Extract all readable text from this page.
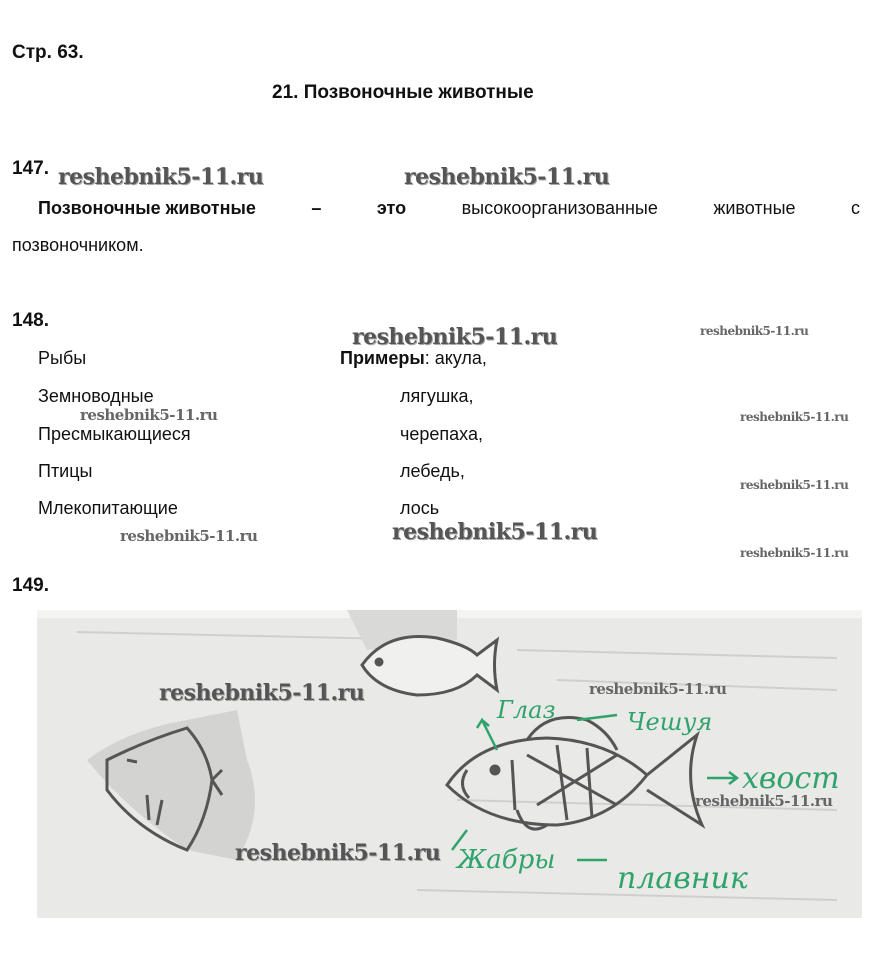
Стр. 63.
21. Позвоночные животные
147. reshebnik5-11.ru	reshebnik5-11.ru
Позвоночные животные	–	это	высокоорганизованные	животные	с
позвоночником.
148.
reshebnik5-11.ru	reshebnik5-11.ru
Рыбы	Примеры: акула,
Земноводные	лягушка,
reshebnik5-11.ru	reshebnik5-11.ru
Пресмыкающиеся	черепаха,
Птицы	лебедь,
reshebnik5-11.ru
Млекопитающие	лось
reshebnik5-11.ru	reshebnik5-11.ru
reshebnik5-11.ru
149.
Глаз	Чешуя
хвост
Жабры
плавник
reshebnik5-11.ru	reshebnik5-11.ru
reshebnik5-11.ru
reshebnik5-11.ru
